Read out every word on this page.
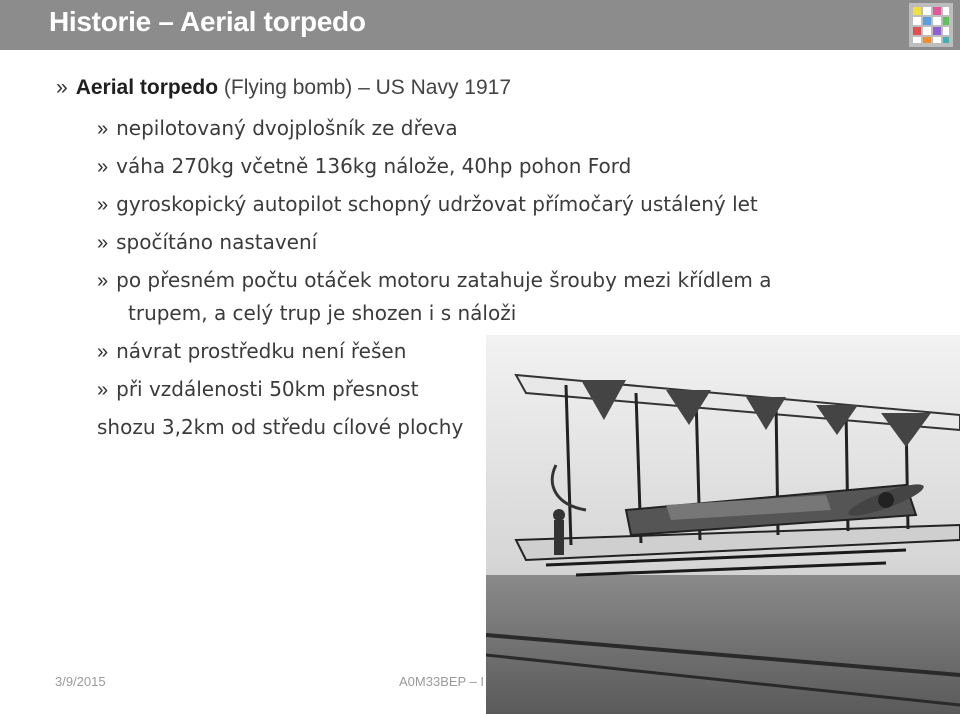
Historie – Aerial torpedo
» Aerial torpedo (Flying bomb) – US Navy 1917
» nepilotovaný dvojplošník ze dřeva
» váha 270kg včetně 136kg nálože, 40hp pohon Ford
» gyroskopický autopilot schopný udržovat přímočarý ustálený let
» spočítáno nastavení
» po přesném počtu otáček motoru zatahuje šrouby mezi křídlem a
trupem, a celý trup je shozen i s náloži
» návrat prostředku není řešen
» při vzdálenosti 50km přesnost
shozu 3,2km od středu cílové plochy
3/9/2015	A0M33BEP – I
